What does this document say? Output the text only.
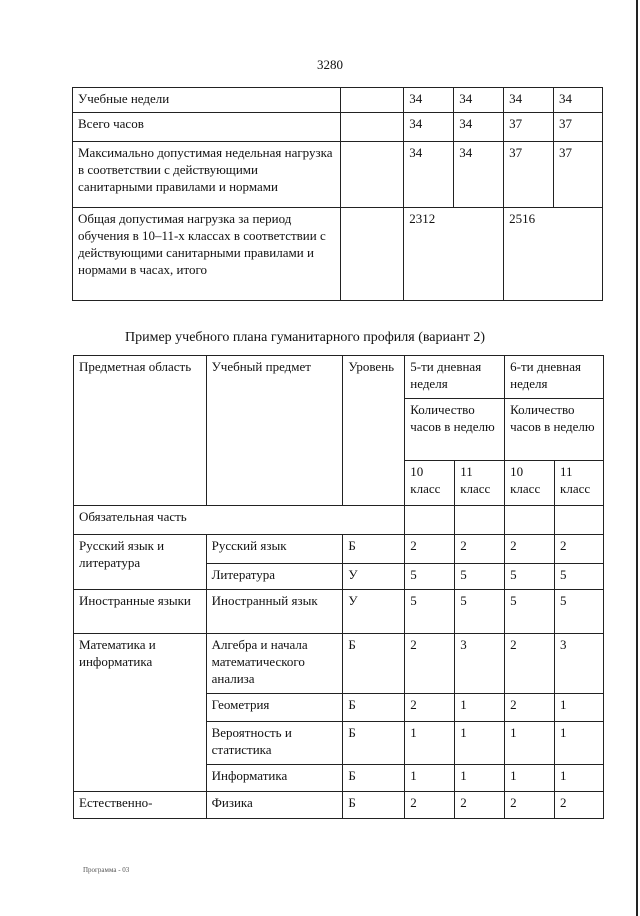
3280
Учебные недели		34	34	34	34
Всего часов		34	34	37	37
Максимально допустимая недельная нагрузка в соответствии с действующими санитарными правилами и нормами		34	34	37	37
Общая допустимая нагрузка за период обучения в 10–11-х классах в соответствии с действующими санитарными правилами и нормами в часах, итого		2312		2516	
Пример учебного плана гуманитарного профиля (вариант 2)
Предметная область	Учебный предмет	Уровень	5-ти дневная неделя		6-ти дневная неделя	
			Количество часов в неделю		Количество часов в неделю	
			10 класс	11 класс	10 класс	11 класс
Обязательная часть						
Русский язык и литература	Русский язык	Б	2	2	2	2
	Литература	У	5	5	5	5
Иностранные языки	Иностранный язык	У	5	5	5	5
Математика и информатика	Алгебра и начала математического анализа	Б	2	3	2	3
	Геометрия	Б	2	1	2	1
	Вероятность и статистика	Б	1	1	1	1
	Информатика	Б	1	1	1	1
Естественно-	Физика	Б	2	2	2	2
Программа - 03
